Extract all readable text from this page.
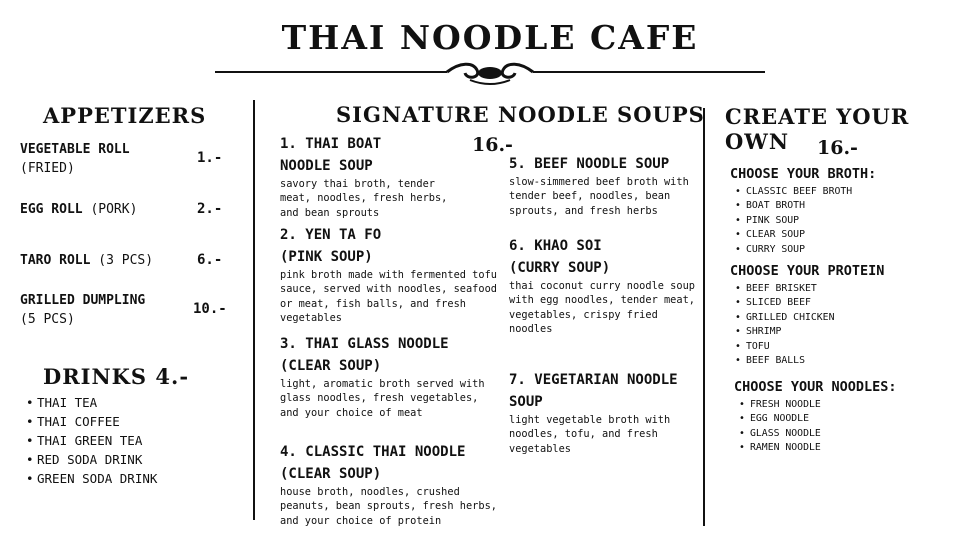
THAI NOODLE CAFE
APPETIZERS
VEGETABLE ROLL
(FRIED)
1.-
EGG ROLL (PORK)	2.-
TARO ROLL (3 PCS)	6.-
GRILLED DUMPLING
(5 PCS)
10.-
DRINKS 4.-
• THAI TEA
• THAI COFFEE
• THAI GREEN TEA
• RED SODA DRINK
• GREEN SODA DRINK
SIGNATURE NOODLE SOUPS
16.-
1. THAI BOAT
NOODLE SOUP
savory thai broth, tender meat, noodles, fresh herbs, and bean sprouts
2. YEN TA FO
(PINK SOUP)
pink broth made with fermented tofu sauce, served with noodles, seafood or meat, fish balls, and fresh vegetables
3. THAI GLASS NOODLE
(CLEAR SOUP)
light, aromatic broth served with glass noodles, fresh vegetables, and your choice of meat
4. CLASSIC THAI NOODLE
(CLEAR SOUP)
house broth, noodles, crushed peanuts, bean sprouts, fresh herbs, and your choice of protein
5. BEEF NOODLE SOUP
slow-simmered beef broth with tender beef, noodles, bean sprouts, and fresh herbs
6. KHAO SOI
(CURRY SOUP)
thai coconut curry noodle soup with egg noodles, tender meat, vegetables, crispy fried noodles
7. VEGETARIAN NOODLE
SOUP
light vegetable broth with noodles, tofu, and fresh vegetables
CREATE YOUR OWN	16.-
CHOOSE YOUR BROTH:
• CLASSIC BEEF BROTH
• BOAT BROTH
• PINK SOUP
• CLEAR SOUP
• CURRY SOUP
CHOOSE YOUR PROTEIN
• BEEF BRISKET
• SLICED BEEF
• GRILLED CHICKEN
• SHRIMP
• TOFU
• BEEF BALLS
CHOOSE YOUR NOODLES:
• FRESH NOODLE
• EGG NOODLE
• GLASS NOODLE
• RAMEN NOODLE
